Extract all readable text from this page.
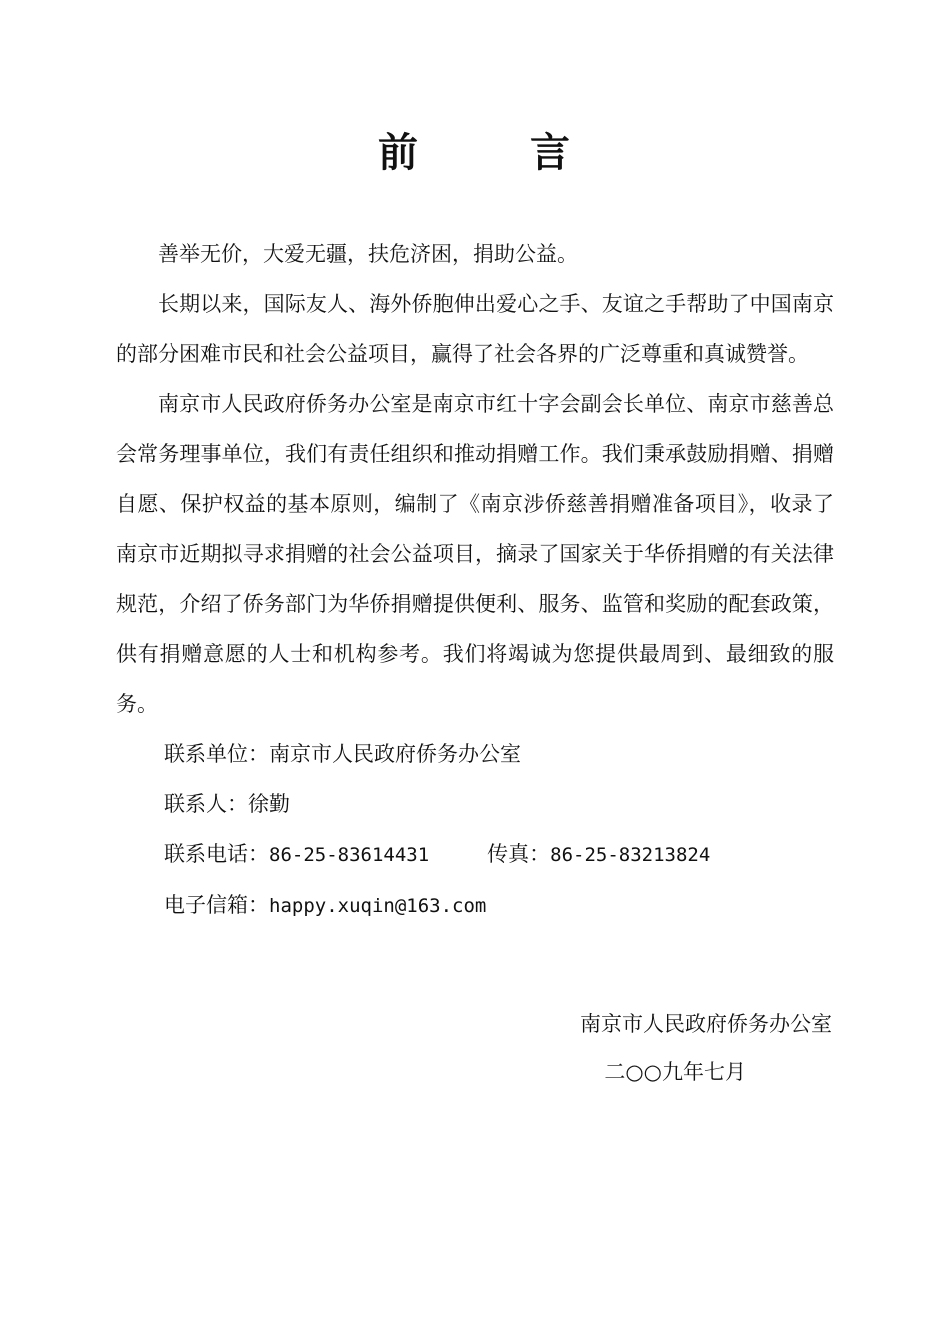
前	言

善举无价，大爱无疆，扶危济困，捐助公益。

长期以来，国际友人、海外侨胞伸出爱心之手、友谊之手帮助了中国南京的部分困难市民和社会公益项目，赢得了社会各界的广泛尊重和真诚赞誉。

南京市人民政府侨务办公室是南京市红十字会副会长单位、南京市慈善总会常务理事单位，我们有责任组织和推动捐赠工作。我们秉承鼓励捐赠、捐赠自愿、保护权益的基本原则，编制了《南京涉侨慈善捐赠准备项目》，收录了南京市近期拟寻求捐赠的社会公益项目，摘录了国家关于华侨捐赠的有关法律规范，介绍了侨务部门为华侨捐赠提供便利、服务、监管和奖励的配套政策，供有捐赠意愿的人士和机构参考。我们将竭诚为您提供最周到、最细致的服务。

联系单位：南京市人民政府侨务办公室

联系人：徐勤

联系电话：86-25-83614431	传真：86-25-83213824

电子信箱：happy.xuqin@163.com

南京市人民政府侨务办公室
二○○九年七月
